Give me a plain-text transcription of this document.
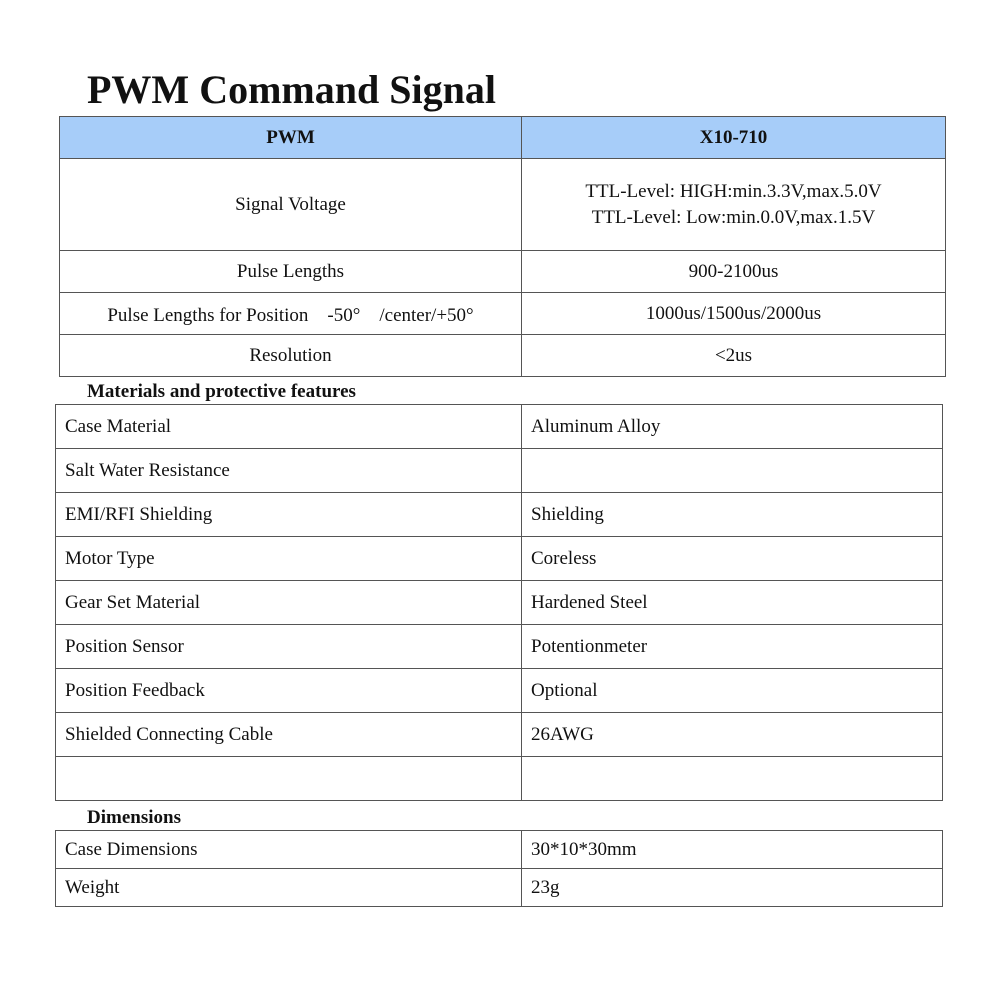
PWM Command Signal
PWM	X10-710
Signal Voltage	TTL-Level: HIGH:min.3.3V,max.5.0V
TTL-Level: Low:min.0.0V,max.1.5V

Pulse Lengths	900-2100us
Pulse Lengths for Position　-50°　/center/+50°	1000us/1500us/2000us
Resolution	<2us
Materials and protective features
Case Material	Aluminum Alloy
Salt Water Resistance	
EMI/RFI Shielding	Shielding
Motor Type	Coreless
Gear Set Material	Hardened Steel
Position Sensor	Potentionmeter
Position Feedback	Optional
Shielded Connecting Cable	26AWG

Dimensions
Case Dimensions	30*10*30mm
Weight	23g
